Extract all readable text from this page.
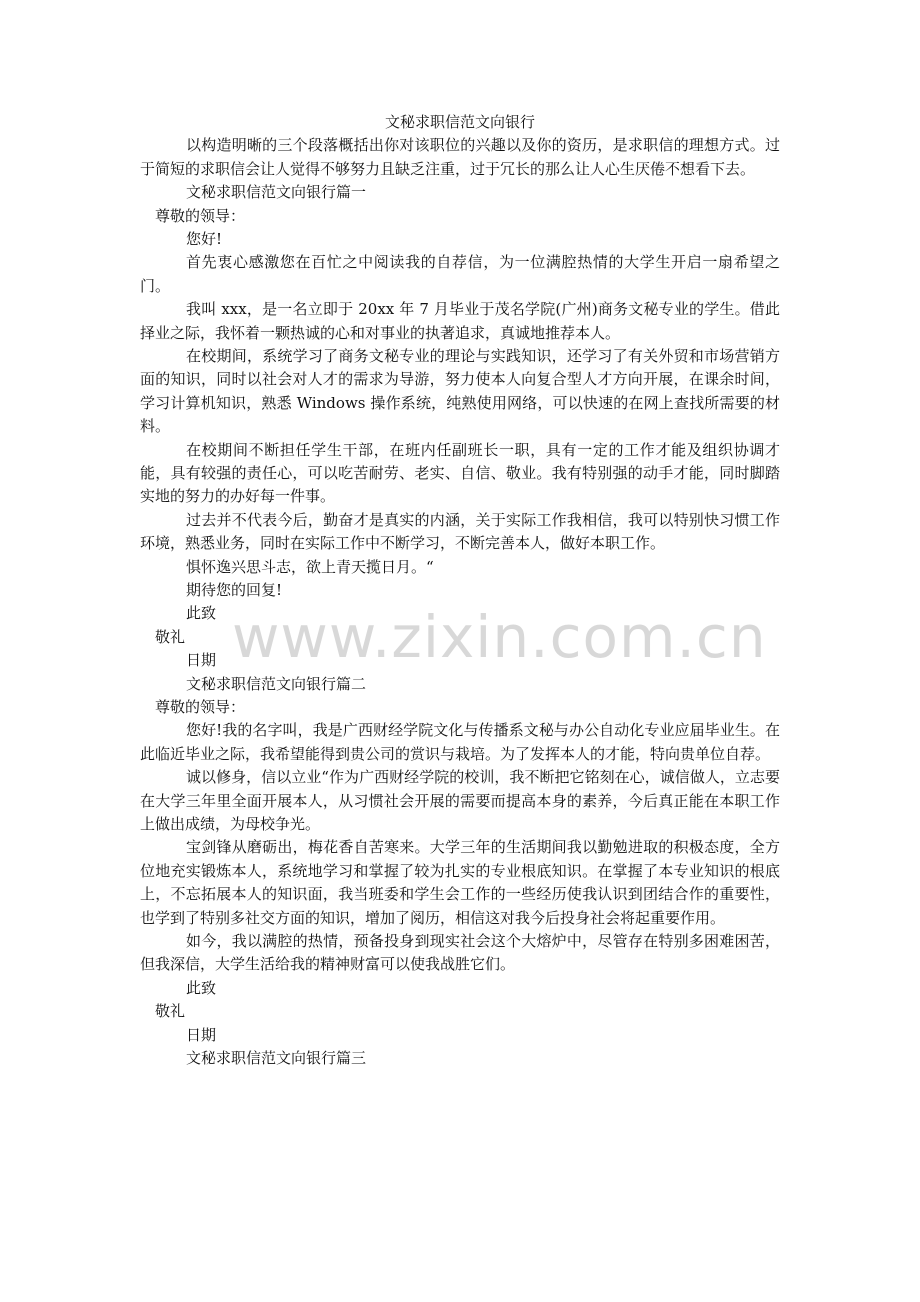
www.zixin.com.cn

文秘求职信范文向银行

以构造明晰的三个段落概括出你对该职位的兴趣以及你的资历，是求职信的理想方式。过于简短的求职信会让人觉得不够努力且缺乏注重，过于冗长的那么让人心生厌倦不想看下去。

文秘求职信范文向银行篇一

尊敬的领导：

您好!

首先衷心感激您在百忙之中阅读我的自荐信，为一位满腔热情的大学生开启一扇希望之门。

我叫 xxx，是一名立即于 20xx 年 7 月毕业于茂名学院(广州)商务文秘专业的学生。借此择业之际，我怀着一颗热诚的心和对事业的执著追求，真诚地推荐本人。

在校期间，系统学习了商务文秘专业的理论与实践知识，还学习了有关外贸和市场营销方面的知识，同时以社会对人才的需求为导游，努力使本人向复合型人才方向开展，在课余时间，学习计算机知识，熟悉 Windows 操作系统，纯熟使用网络，可以快速的在网上查找所需要的材料。

在校期间不断担任学生干部，在班内任副班长一职，具有一定的工作才能及组织协调才能，具有较强的责任心，可以吃苦耐劳、老实、自信、敬业。我有特别强的动手才能，同时脚踏实地的努力的办好每一件事。

过去并不代表今后，勤奋才是真实的内涵，关于实际工作我相信，我可以特别快习惯工作环境，熟悉业务，同时在实际工作中不断学习，不断完善本人，做好本职工作。

惧怀逸兴思斗志，欲上青天揽日月。“

期待您的回复!

此致

敬礼

日期

文秘求职信范文向银行篇二

尊敬的领导：

您好!我的名字叫，我是广西财经学院文化与传播系文秘与办公自动化专业应届毕业生。在此临近毕业之际，我希望能得到贵公司的赏识与栽培。为了发挥本人的才能，特向贵单位自荐。

诚以修身，信以立业“作为广西财经学院的校训，我不断把它铭刻在心，诚信做人，立志要在大学三年里全面开展本人，从习惯社会开展的需要而提高本身的素养，今后真正能在本职工作上做出成绩，为母校争光。

宝剑锋从磨砺出，梅花香自苦寒来。大学三年的生活期间我以勤勉进取的积极态度，全方位地充实锻炼本人，系统地学习和掌握了较为扎实的专业根底知识。在掌握了本专业知识的根底上，不忘拓展本人的知识面，我当班委和学生会工作的一些经历使我认识到团结合作的重要性，也学到了特别多社交方面的知识，增加了阅历，相信这对我今后投身社会将起重要作用。

如今，我以满腔的热情，预备投身到现实社会这个大熔炉中，尽管存在特别多困难困苦，但我深信，大学生活给我的精神财富可以使我战胜它们。

此致

敬礼

日期

文秘求职信范文向银行篇三
